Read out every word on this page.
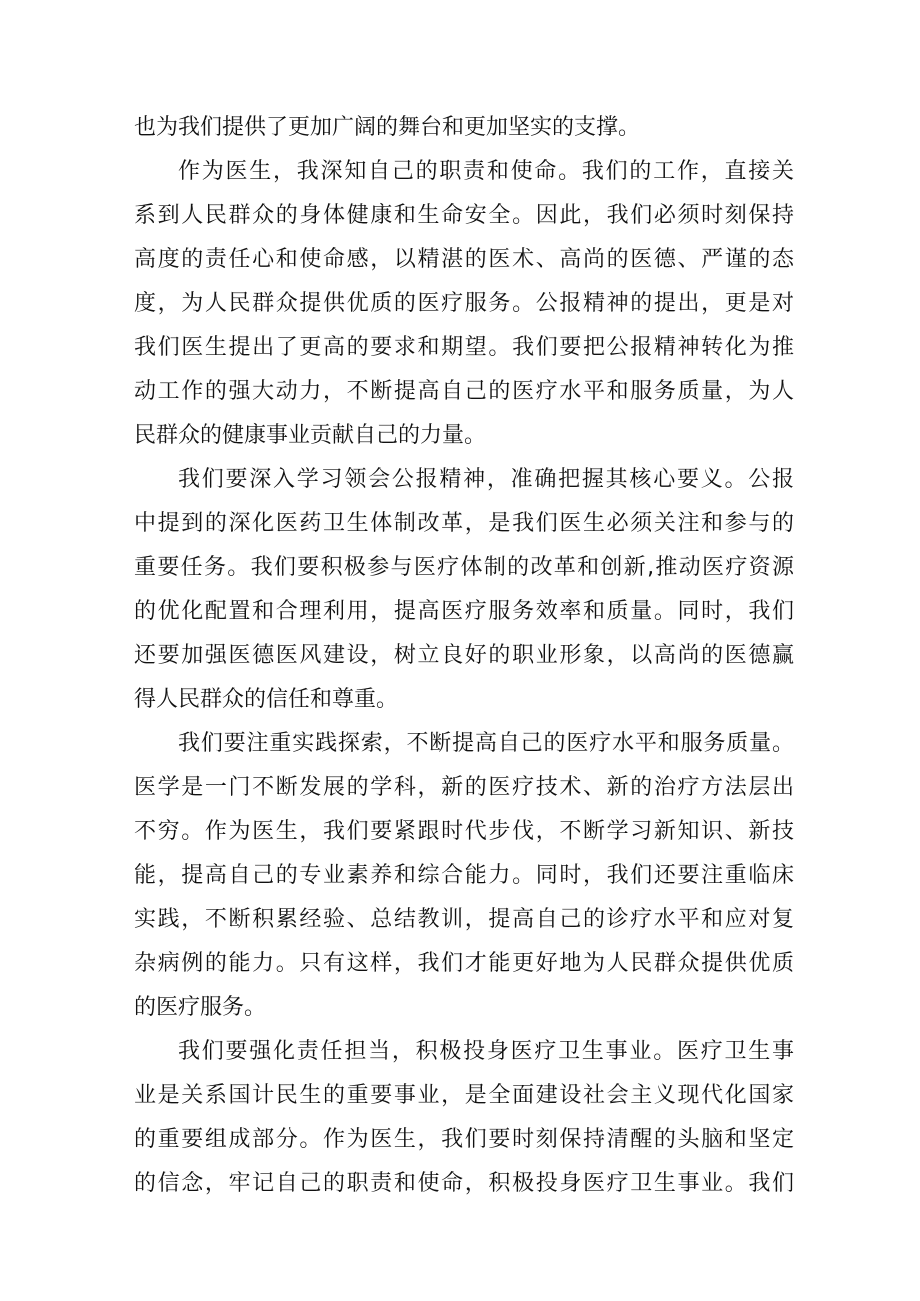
也为我们提供了更加广阔的舞台和更加坚实的支撑。
作为医生，我深知自己的职责和使命。我们的工作，直接关
系到人民群众的身体健康和生命安全。因此，我们必须时刻保持
高度的责任心和使命感，以精湛的医术、高尚的医德、严谨的态
度，为人民群众提供优质的医疗服务。公报精神的提出，更是对
我们医生提出了更高的要求和期望。我们要把公报精神转化为推
动工作的强大动力，不断提高自己的医疗水平和服务质量，为人
民群众的健康事业贡献自己的力量。
我们要深入学习领会公报精神，准确把握其核心要义。公报
中提到的深化医药卫生体制改革，是我们医生必须关注和参与的
重要任务。我们要积极参与医疗体制的改革和创新,推动医疗资源
的优化配置和合理利用，提高医疗服务效率和质量。同时，我们
还要加强医德医风建设，树立良好的职业形象，以高尚的医德赢
得人民群众的信任和尊重。
我们要注重实践探索，不断提高自己的医疗水平和服务质量。
医学是一门不断发展的学科，新的医疗技术、新的治疗方法层出
不穷。作为医生，我们要紧跟时代步伐，不断学习新知识、新技
能，提高自己的专业素养和综合能力。同时，我们还要注重临床
实践，不断积累经验、总结教训，提高自己的诊疗水平和应对复
杂病例的能力。只有这样，我们才能更好地为人民群众提供优质
的医疗服务。
我们要强化责任担当，积极投身医疗卫生事业。医疗卫生事
业是关系国计民生的重要事业，是全面建设社会主义现代化国家
的重要组成部分。作为医生，我们要时刻保持清醒的头脑和坚定
的信念，牢记自己的职责和使命，积极投身医疗卫生事业。我们
